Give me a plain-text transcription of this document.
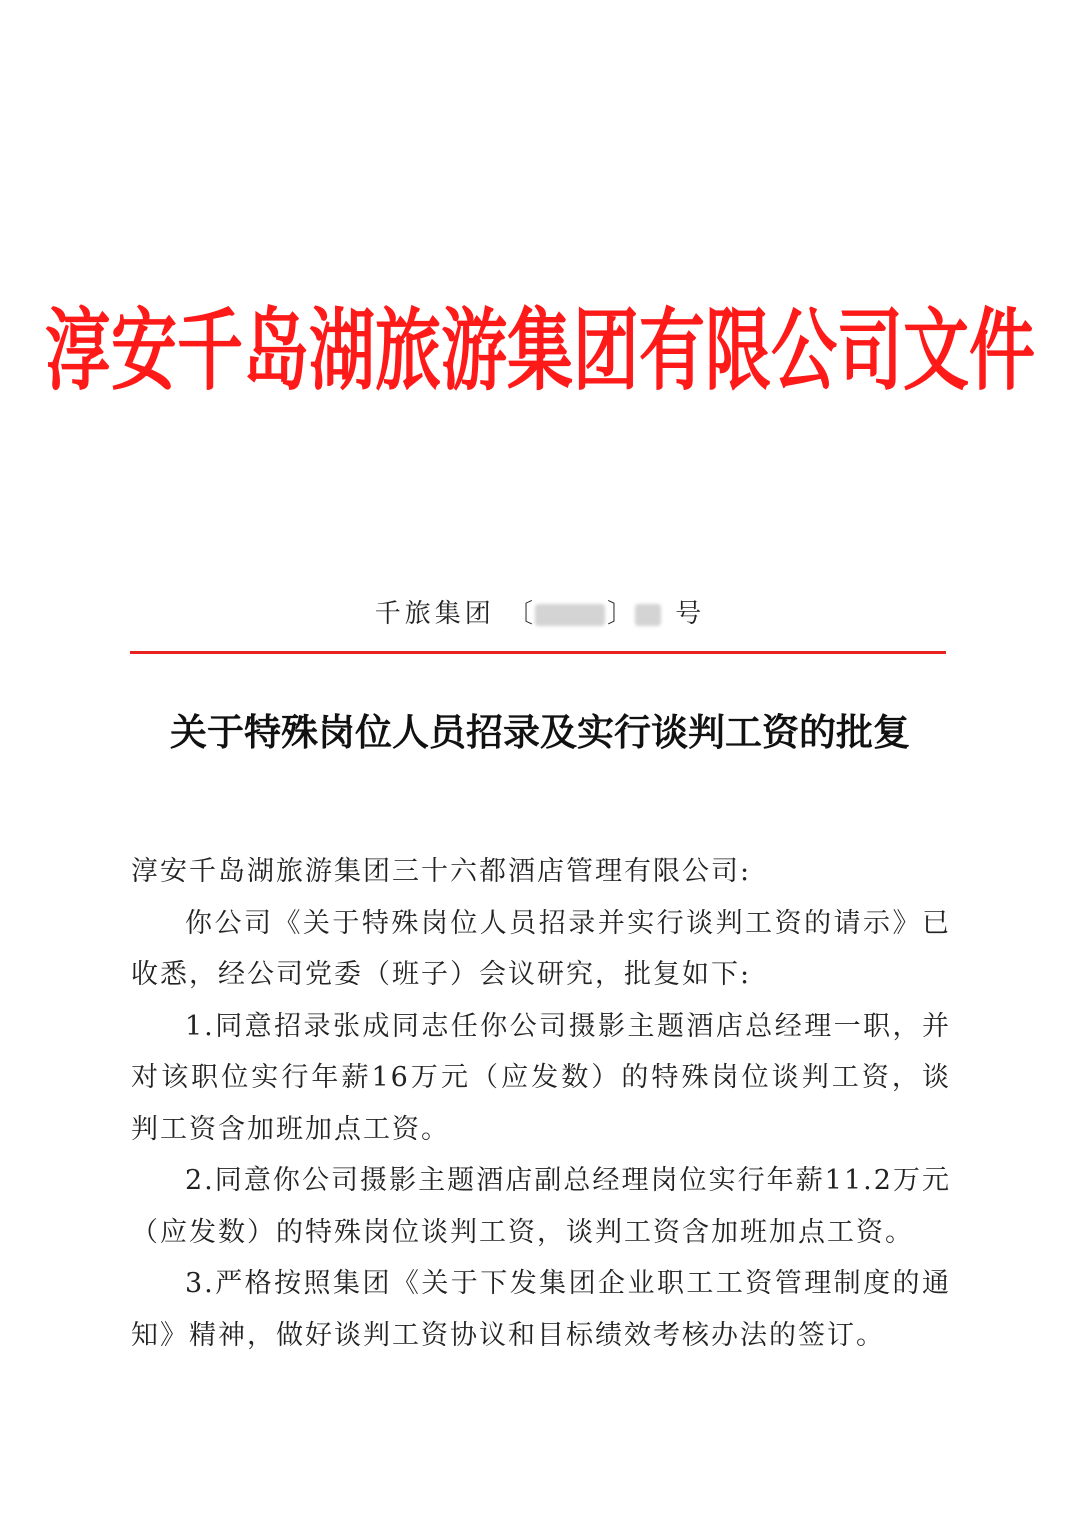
淳安千岛湖旅游集团有限公司文件
千旅集团 〔	〕 号
关于特殊岗位人员招录及实行谈判工资的批复

淳安千岛湖旅游集团三十六都酒店管理有限公司:

你公司《关于特殊岗位人员招录并实行谈判工资的请示》已收悉，经公司党委（班子）会议研究，批复如下:

1.同意招录张成同志任你公司摄影主题酒店总经理一职，并对该职位实行年薪16万元（应发数）的特殊岗位谈判工资，谈判工资含加班加点工资。

2.同意你公司摄影主题酒店副总经理岗位实行年薪11.2万元（应发数）的特殊岗位谈判工资，谈判工资含加班加点工资。

3.严格按照集团《关于下发集团企业职工工资管理制度的通知》精神，做好谈判工资协议和目标绩效考核办法的签订。
